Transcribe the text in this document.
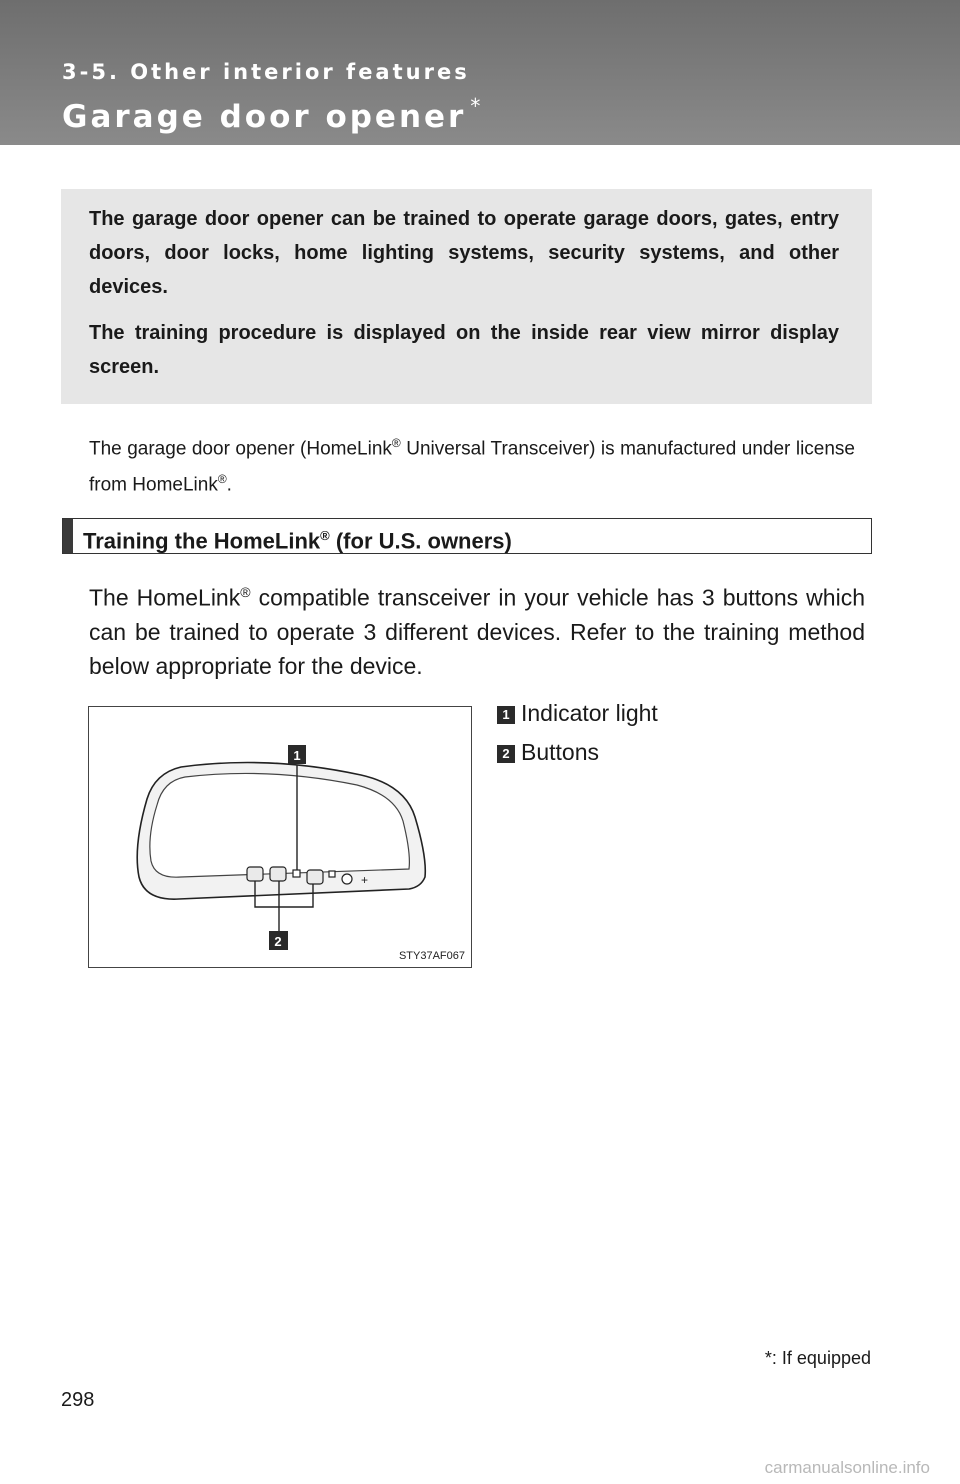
3-5. Other interior features
Garage door opener *

The garage door opener can be trained to operate garage doors, gates, entry doors, door locks, home lighting systems, security systems, and other devices.

The training procedure is displayed on the inside rear view mirror display screen.

The garage door opener (HomeLink® Universal Transceiver) is manufactured under license from HomeLink®.
Training the HomeLink® (for U.S. owners)
The HomeLink® compatible transceiver in your vehicle has 3 buttons which can be trained to operate 3 different devices. Refer to the training method below appropriate for the device.
+
1
2
STY37AF067
1 Indicator light
2 Buttons
*: If equipped
298
carmanualsonline.info
